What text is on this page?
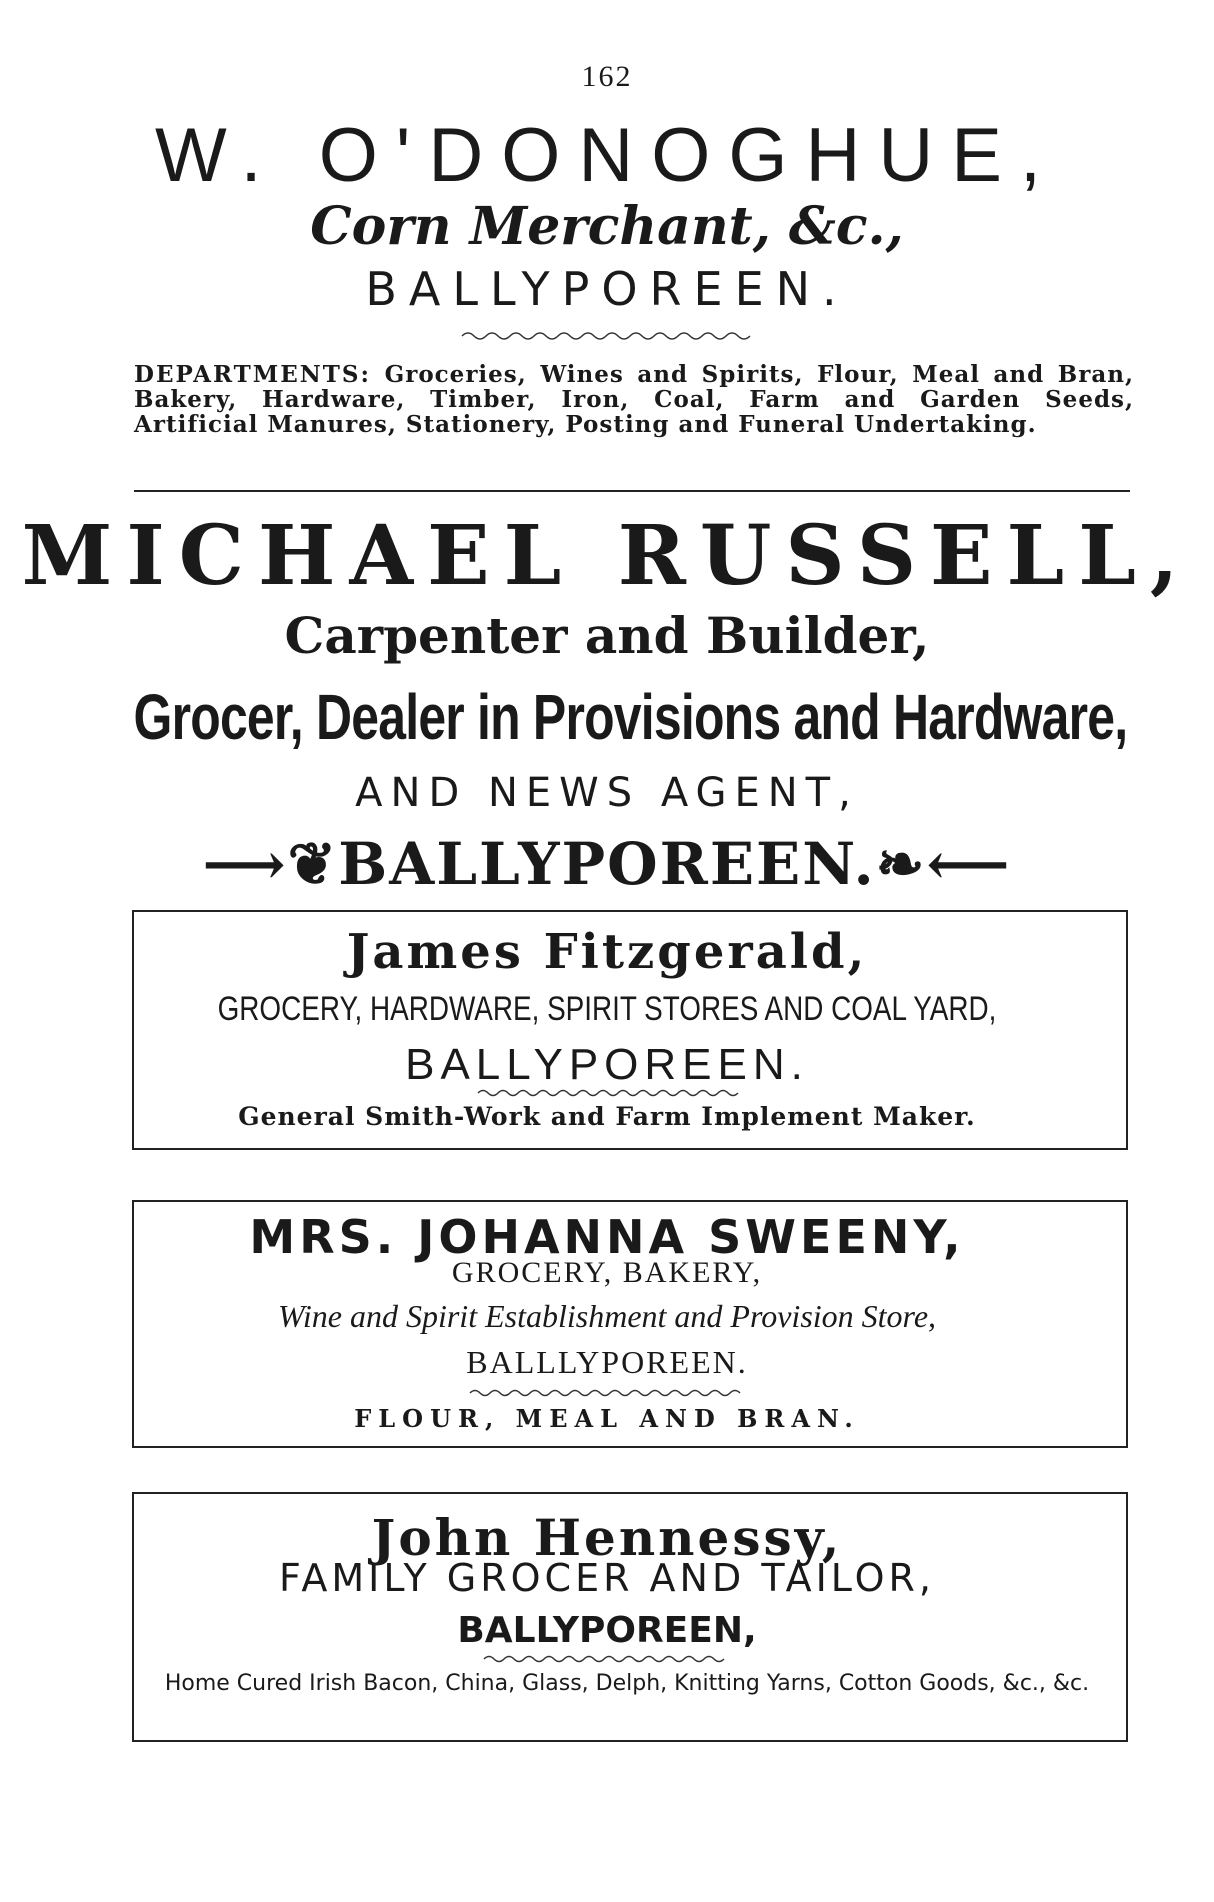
162
W. O'DONOGHUE,
Corn Merchant, &c.,
BALLYPOREEN.
DEPARTMENTS: Groceries, Wines and Spirits, Flour, Meal and Bran, Bakery, Hardware, Timber, Iron, Coal, Farm and Garden Seeds, Artificial Manures, Stationery, Posting and Funeral Undertaking.
MICHAEL RUSSELL,
Carpenter and Builder,
Grocer, Dealer in Provisions and Hardware,
AND NEWS AGENT,
⟶❦BALLYPOREEN.❧⟵
James Fitzgerald,
GROCERY, HARDWARE, SPIRIT STORES AND COAL YARD,
BALLYPOREEN.
General Smith-Work and Farm Implement Maker.
MRS. JOHANNA SWEENY,
GROCERY, BAKERY,
Wine and Spirit Establishment and Provision Store,
BALLLYPOREEN.
FLOUR, MEAL AND BRAN.
John Hennessy,
FAMILY GROCER AND TAILOR,
BALLYPOREEN,
Home Cured Irish Bacon, China, Glass, Delph, Knitting Yarns, Cotton Goods, &c., &c.
